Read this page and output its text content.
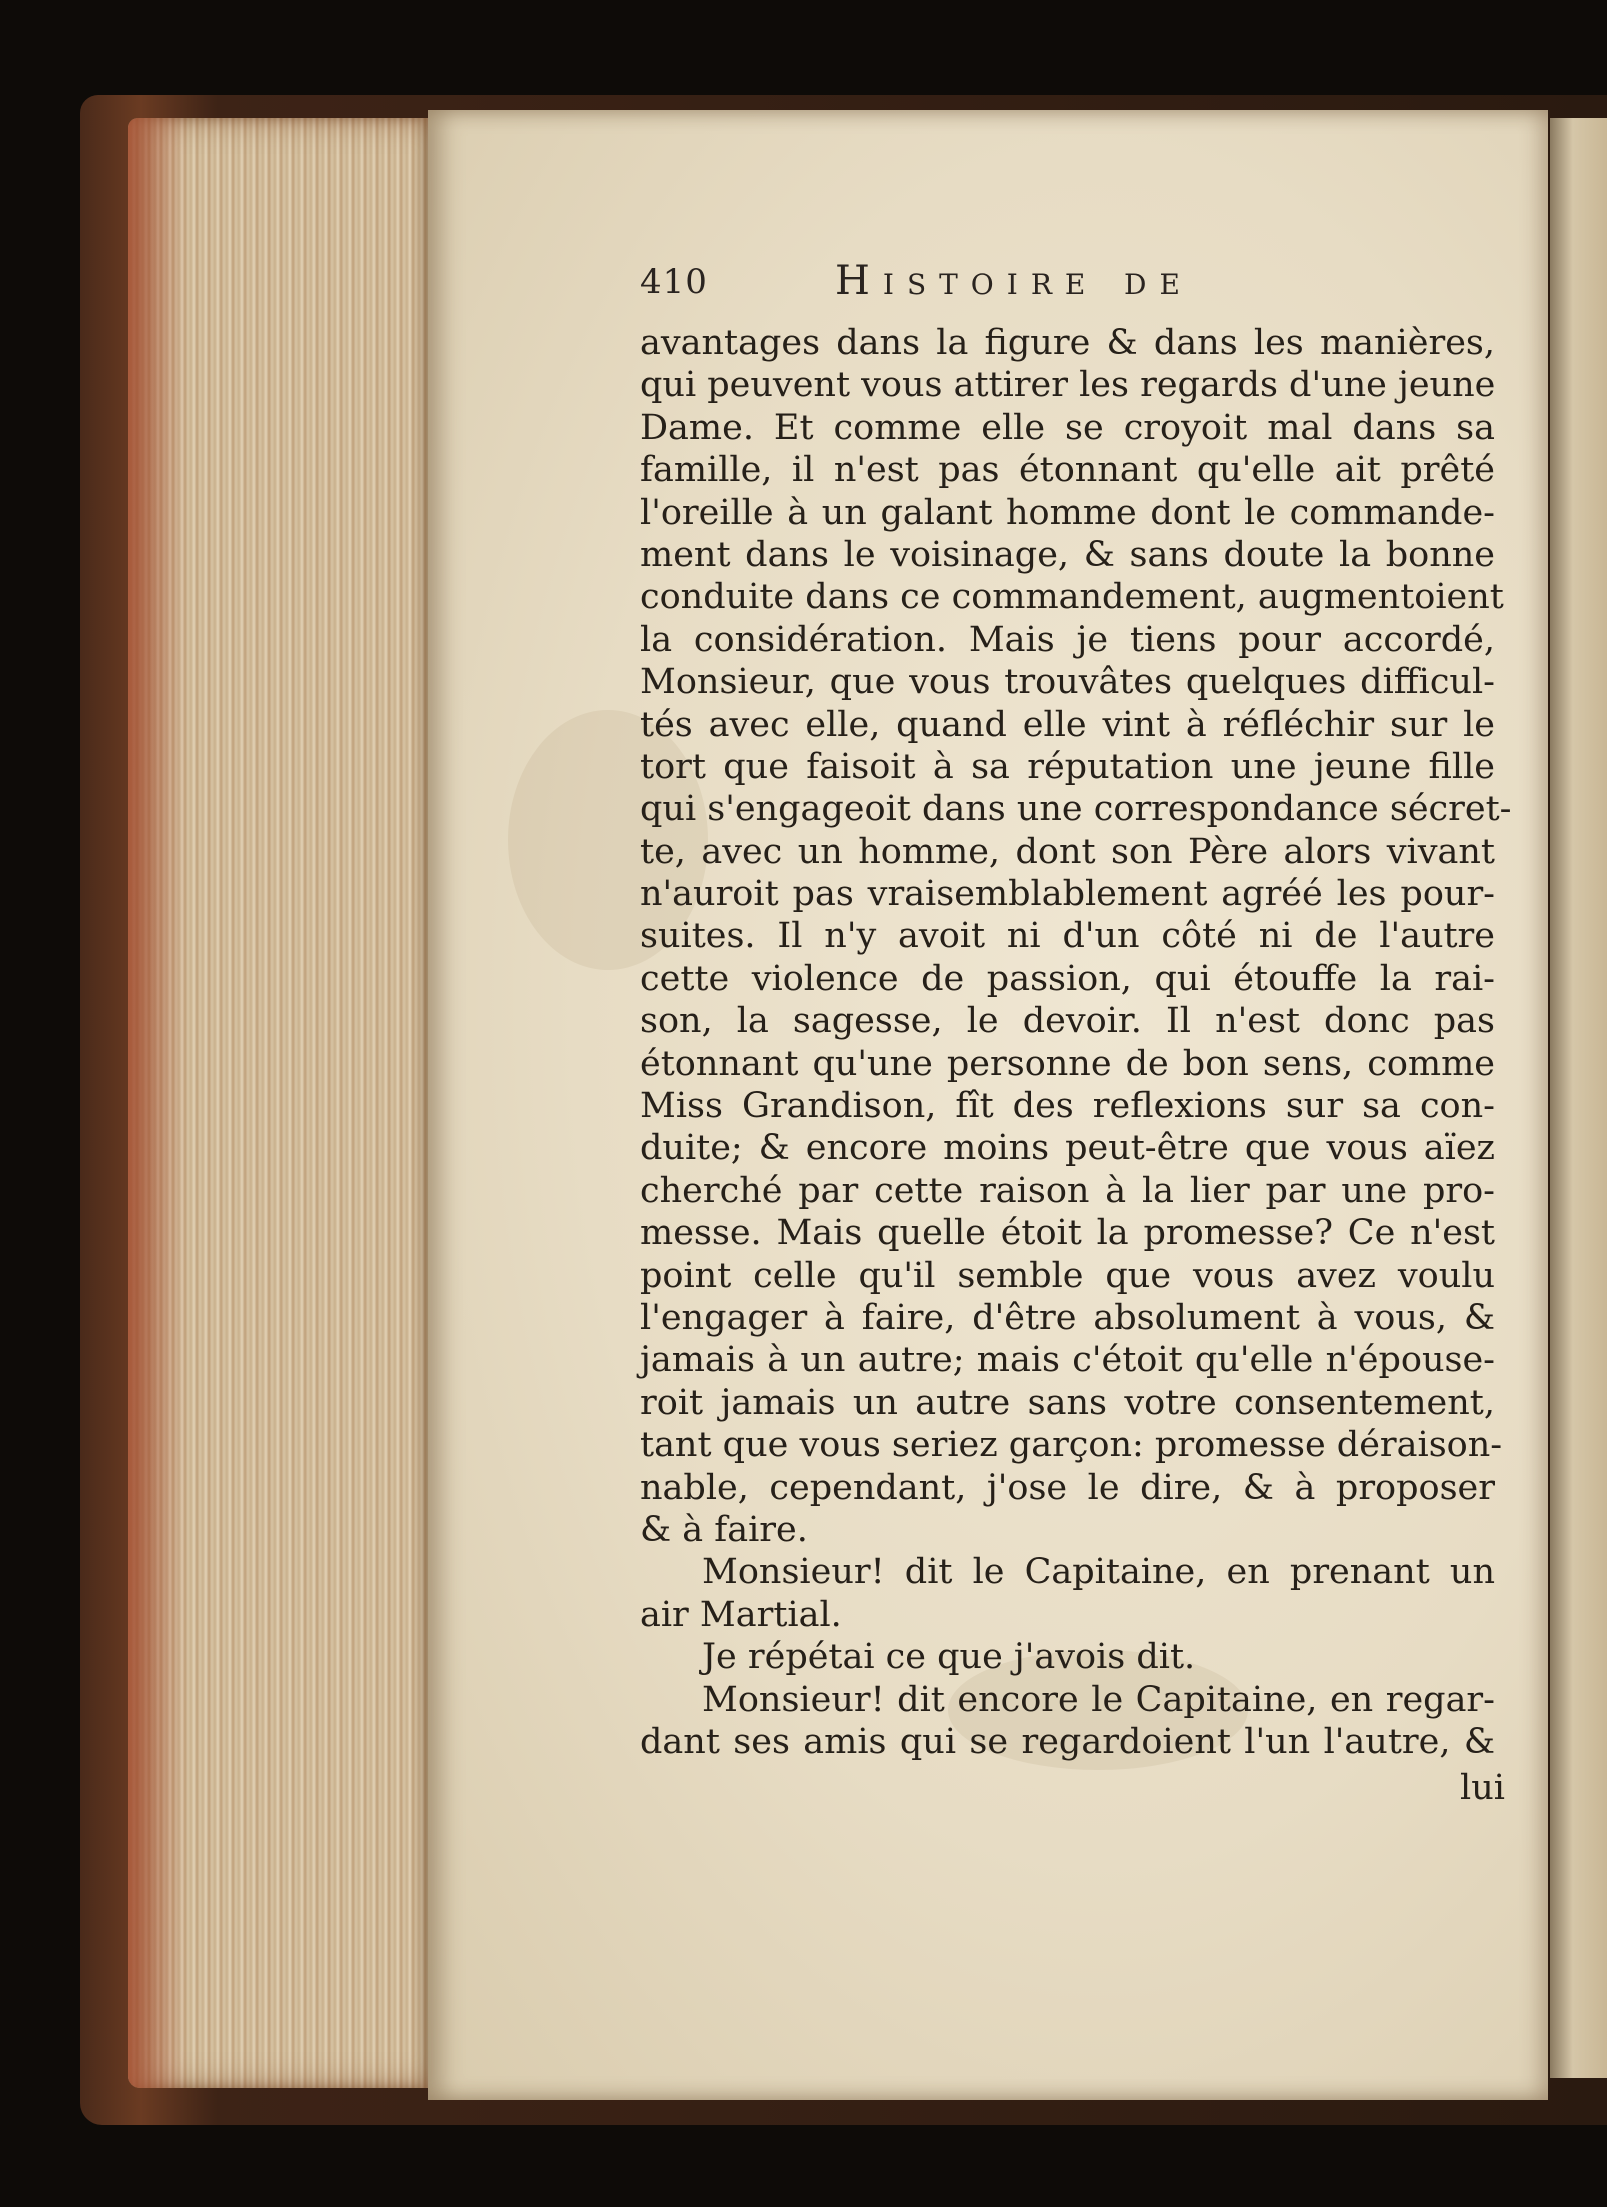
410	Histoire de
avantages dans la figure & dans les manières,
qui peuvent vous attirer les regards d'une jeune
Dame. Et comme elle se croyoit mal dans sa
famille, il n'est pas étonnant qu'elle ait prêté
l'oreille à un galant homme dont le commande-
ment dans le voisinage, & sans doute la bonne
conduite dans ce commandement, augmentoient
la considération. Mais je tiens pour accordé,
Monsieur, que vous trouvâtes quelques difficul-
tés avec elle, quand elle vint à réfléchir sur le
tort que faisoit à sa réputation une jeune fille
qui s'engageoit dans une correspondance sécret-
te, avec un homme, dont son Père alors vivant
n'auroit pas vraisemblablement agréé les pour-
suites. Il n'y avoit ni d'un côté ni de l'autre
cette violence de passion, qui étouffe la rai-
son, la sagesse, le devoir. Il n'est donc pas
étonnant qu'une personne de bon sens, comme
Miss Grandison, fît des reflexions sur sa con-
duite; & encore moins peut-être que vous aïez
cherché par cette raison à la lier par une pro-
messe. Mais quelle étoit la promesse? Ce n'est
point celle qu'il semble que vous avez voulu
l'engager à faire, d'être absolument à vous, &
jamais à un autre; mais c'étoit qu'elle n'épouse-
roit jamais un autre sans votre consentement,
tant que vous seriez garçon: promesse déraison-
nable, cependant, j'ose le dire, & à proposer
& à faire.
Monsieur! dit le Capitaine, en prenant un
air Martial.
Je répétai ce que j'avois dit.
Monsieur! dit encore le Capitaine, en regar-
dant ses amis qui se regardoient l'un l'autre, &
lui
